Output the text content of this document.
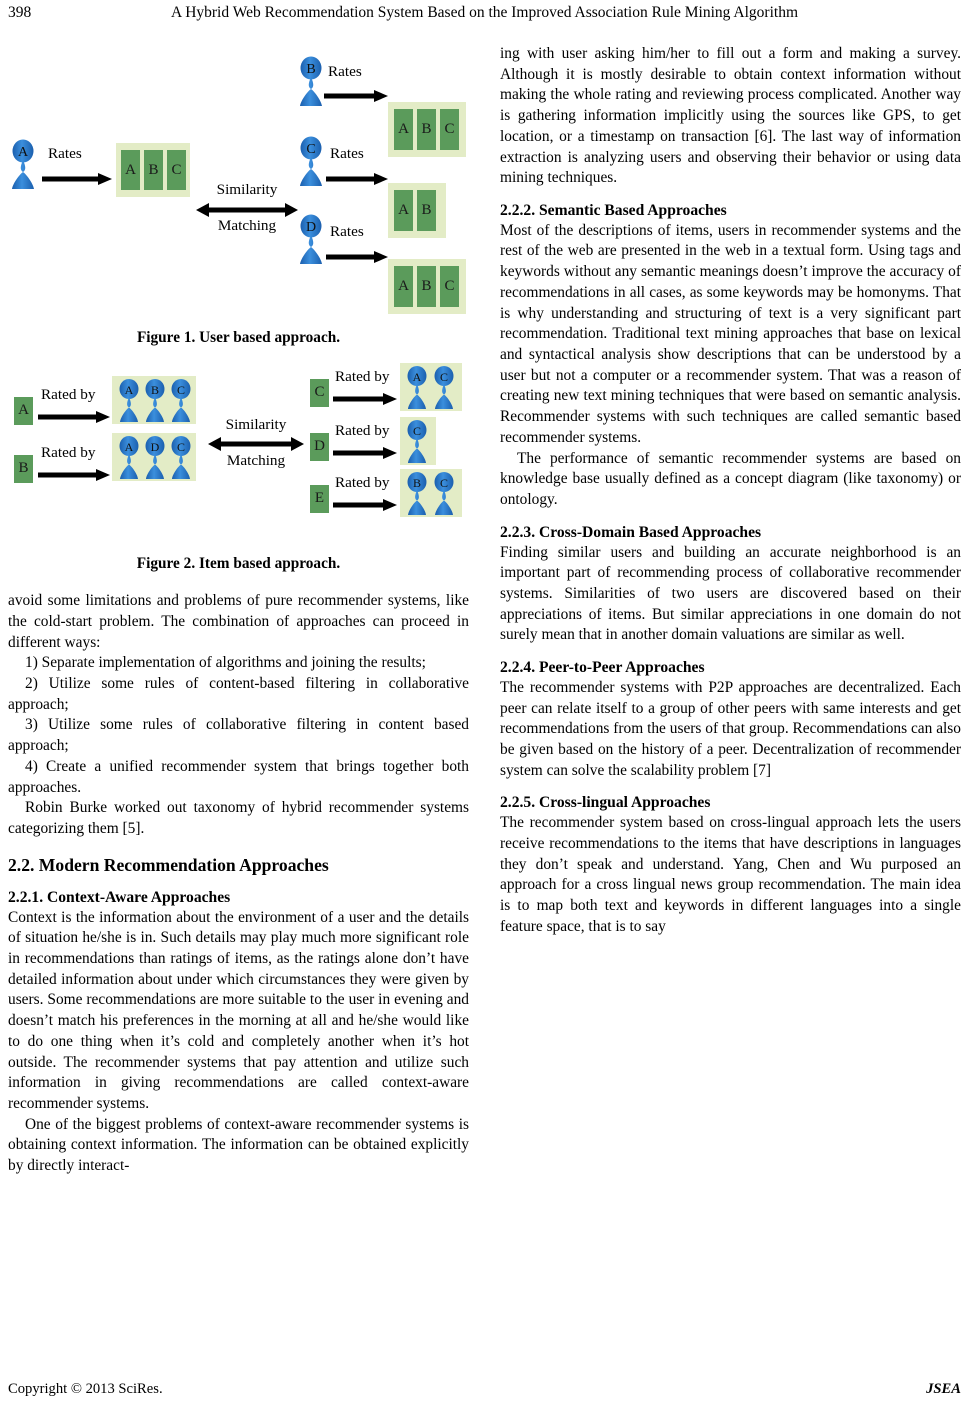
398	A Hybrid Web Recommendation System Based on the Improved Association Rule Mining Algorithm
A Rates
A B C
Similarity
Matching
B Rates
A B C
C Rates
A B
D Rates
A B C
Figure 1. User based approach.
A
Rated by A B C
B
Rated by A D C
Similarity
Matching
C
Rated by A C
D
Rated by C
E
Rated by B C
Figure 2. Item based approach.

avoid some limitations and problems of pure recommender systems, like the cold-start problem. The combination of approaches can proceed in different ways:

1) Separate implementation of algorithms and joining the results;

2) Utilize some rules of content-based filtering in collaborative approach;

3) Utilize some rules of collaborative filtering in content based approach;

4) Create a unified recommender system that brings together both approaches.

Robin Burke worked out taxonomy of hybrid recommender systems categorizing them [5].

2.2. Modern Recommendation Approaches
2.2.1. Context-Aware Approaches

Context is the information about the environment of a user and the details of situation he/she is in. Such details may play much more significant role in recommendations than ratings of items, as the ratings alone don’t have detailed information about under which circumstances they were given by users. Some recommendations are more suitable to the user in evening and doesn’t match his preferences in the morning at all and he/she would like to do one thing when it’s cold and completely another when it’s hot outside. The recommender systems that pay attention and utilize such information in giving recommendations are called context-aware recommender systems.

One of the biggest problems of context-aware recommender systems is obtaining context information. The information can be obtained explicitly by directly interact-

ing with user asking him/her to fill out a form and making a survey. Although it is mostly desirable to obtain context information without making the whole rating and reviewing process complicated. Another way is gathering information implicitly using the sources like GPS, to get location, or a timestamp on transaction [6]. The last way of information extraction is analyzing users and observing their behavior or using data mining techniques.

2.2.2. Semantic Based Approaches

Most of the descriptions of items, users in recommender systems and the rest of the web are presented in the web in a textual form. Using tags and keywords without any semantic meanings doesn’t improve the accuracy of recommendations in all cases, as some keywords may be homonyms. That is why understanding and structuring of text is a very significant part recommendation. Traditional text mining approaches that base on lexical and syntactical analysis show descriptions that can be understood by a user but not a computer or a recommender system. That was a reason of creating new text mining techniques that were based on semantic analysis. Recommender systems with such techniques are called semantic based recommender systems.

The performance of semantic recommender systems are based on knowledge base usually defined as a concept diagram (like taxonomy) or ontology.

2.2.3. Cross-Domain Based Approaches

Finding similar users and building an accurate neighborhood is an important part of recommending process of collaborative recommender systems. Similarities of two users are discovered based on their appreciations of items. But similar appreciations in one domain do not surely mean that in another domain valuations are similar as well.

2.2.4. Peer-to-Peer Approaches

The recommender systems with P2P approaches are decentralized. Each peer can relate itself to a group of other peers with same interests and get recommendations from the users of that group. Recommendations can also be given based on the history of a peer. Decentralization of recommender system can solve the scalability problem [7]

2.2.5. Cross-lingual Approaches

The recommender system based on cross-lingual approach lets the users receive recommendations to the items that have descriptions in languages they don’t speak and understand. Yang, Chen and Wu purposed an approach for a cross lingual news group recommendation. The main idea is to map both text and keywords in different languages into a single feature space, that is to say

Copyright © 2013 SciRes.	JSEA
